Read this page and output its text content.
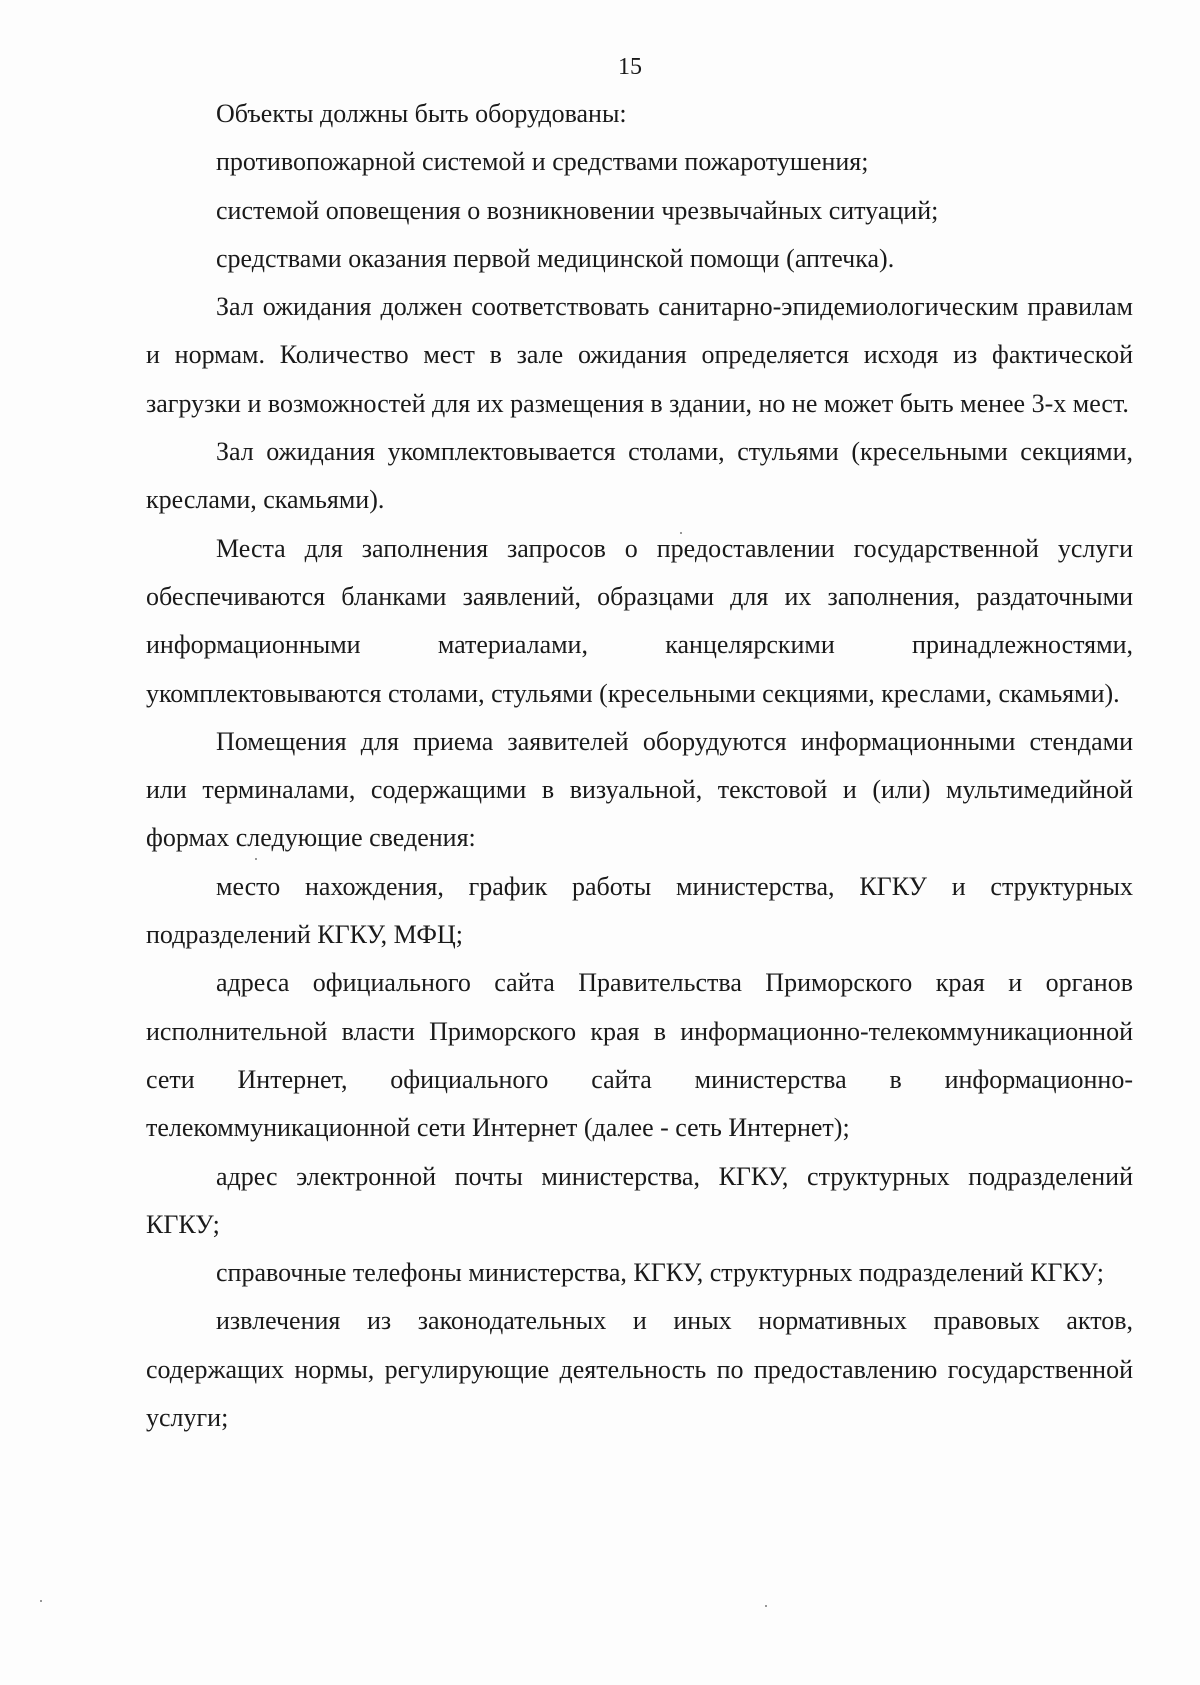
15

Объекты должны быть оборудованы:

противопожарной системой и средствами пожаротушения;

системой оповещения о возникновении чрезвычайных ситуаций;

средствами оказания первой медицинской помощи (аптечка).

Зал ожидания должен соответствовать санитарно-эпидемиологическим правилам и нормам. Количество мест в зале ожидания определяется исходя из фактической загрузки и возможностей для их размещения в здании, но не может быть менее 3-х мест.

Зал ожидания укомплектовывается столами, стульями (кресельными секциями, креслами, скамьями).

Места для заполнения запросов о предоставлении государственной услуги обеспечиваются бланками заявлений, образцами для их заполнения, раздаточными информационными материалами, канцелярскими принадлежностями, укомплектовываются столами, стульями (кресельными секциями, креслами, скамьями).

Помещения для приема заявителей оборудуются информационными стендами или терминалами, содержащими в визуальной, текстовой и (или) мультимедийной формах следующие сведения:

место нахождения, график работы министерства, КГКУ и структурных подразделений КГКУ, МФЦ;

адреса официального сайта Правительства Приморского края и органов исполнительной власти Приморского края в информационно-телекоммуникационной сети Интернет, официального сайта министерства в информационно-телекоммуникационной сети Интернет (далее - сеть Интернет);

адрес электронной почты министерства, КГКУ, структурных подразделений КГКУ;

справочные телефоны министерства, КГКУ, структурных подразделений КГКУ;

извлечения из законодательных и иных нормативных правовых актов, содержащих нормы, регулирующие деятельность по предоставлению государственной услуги;
